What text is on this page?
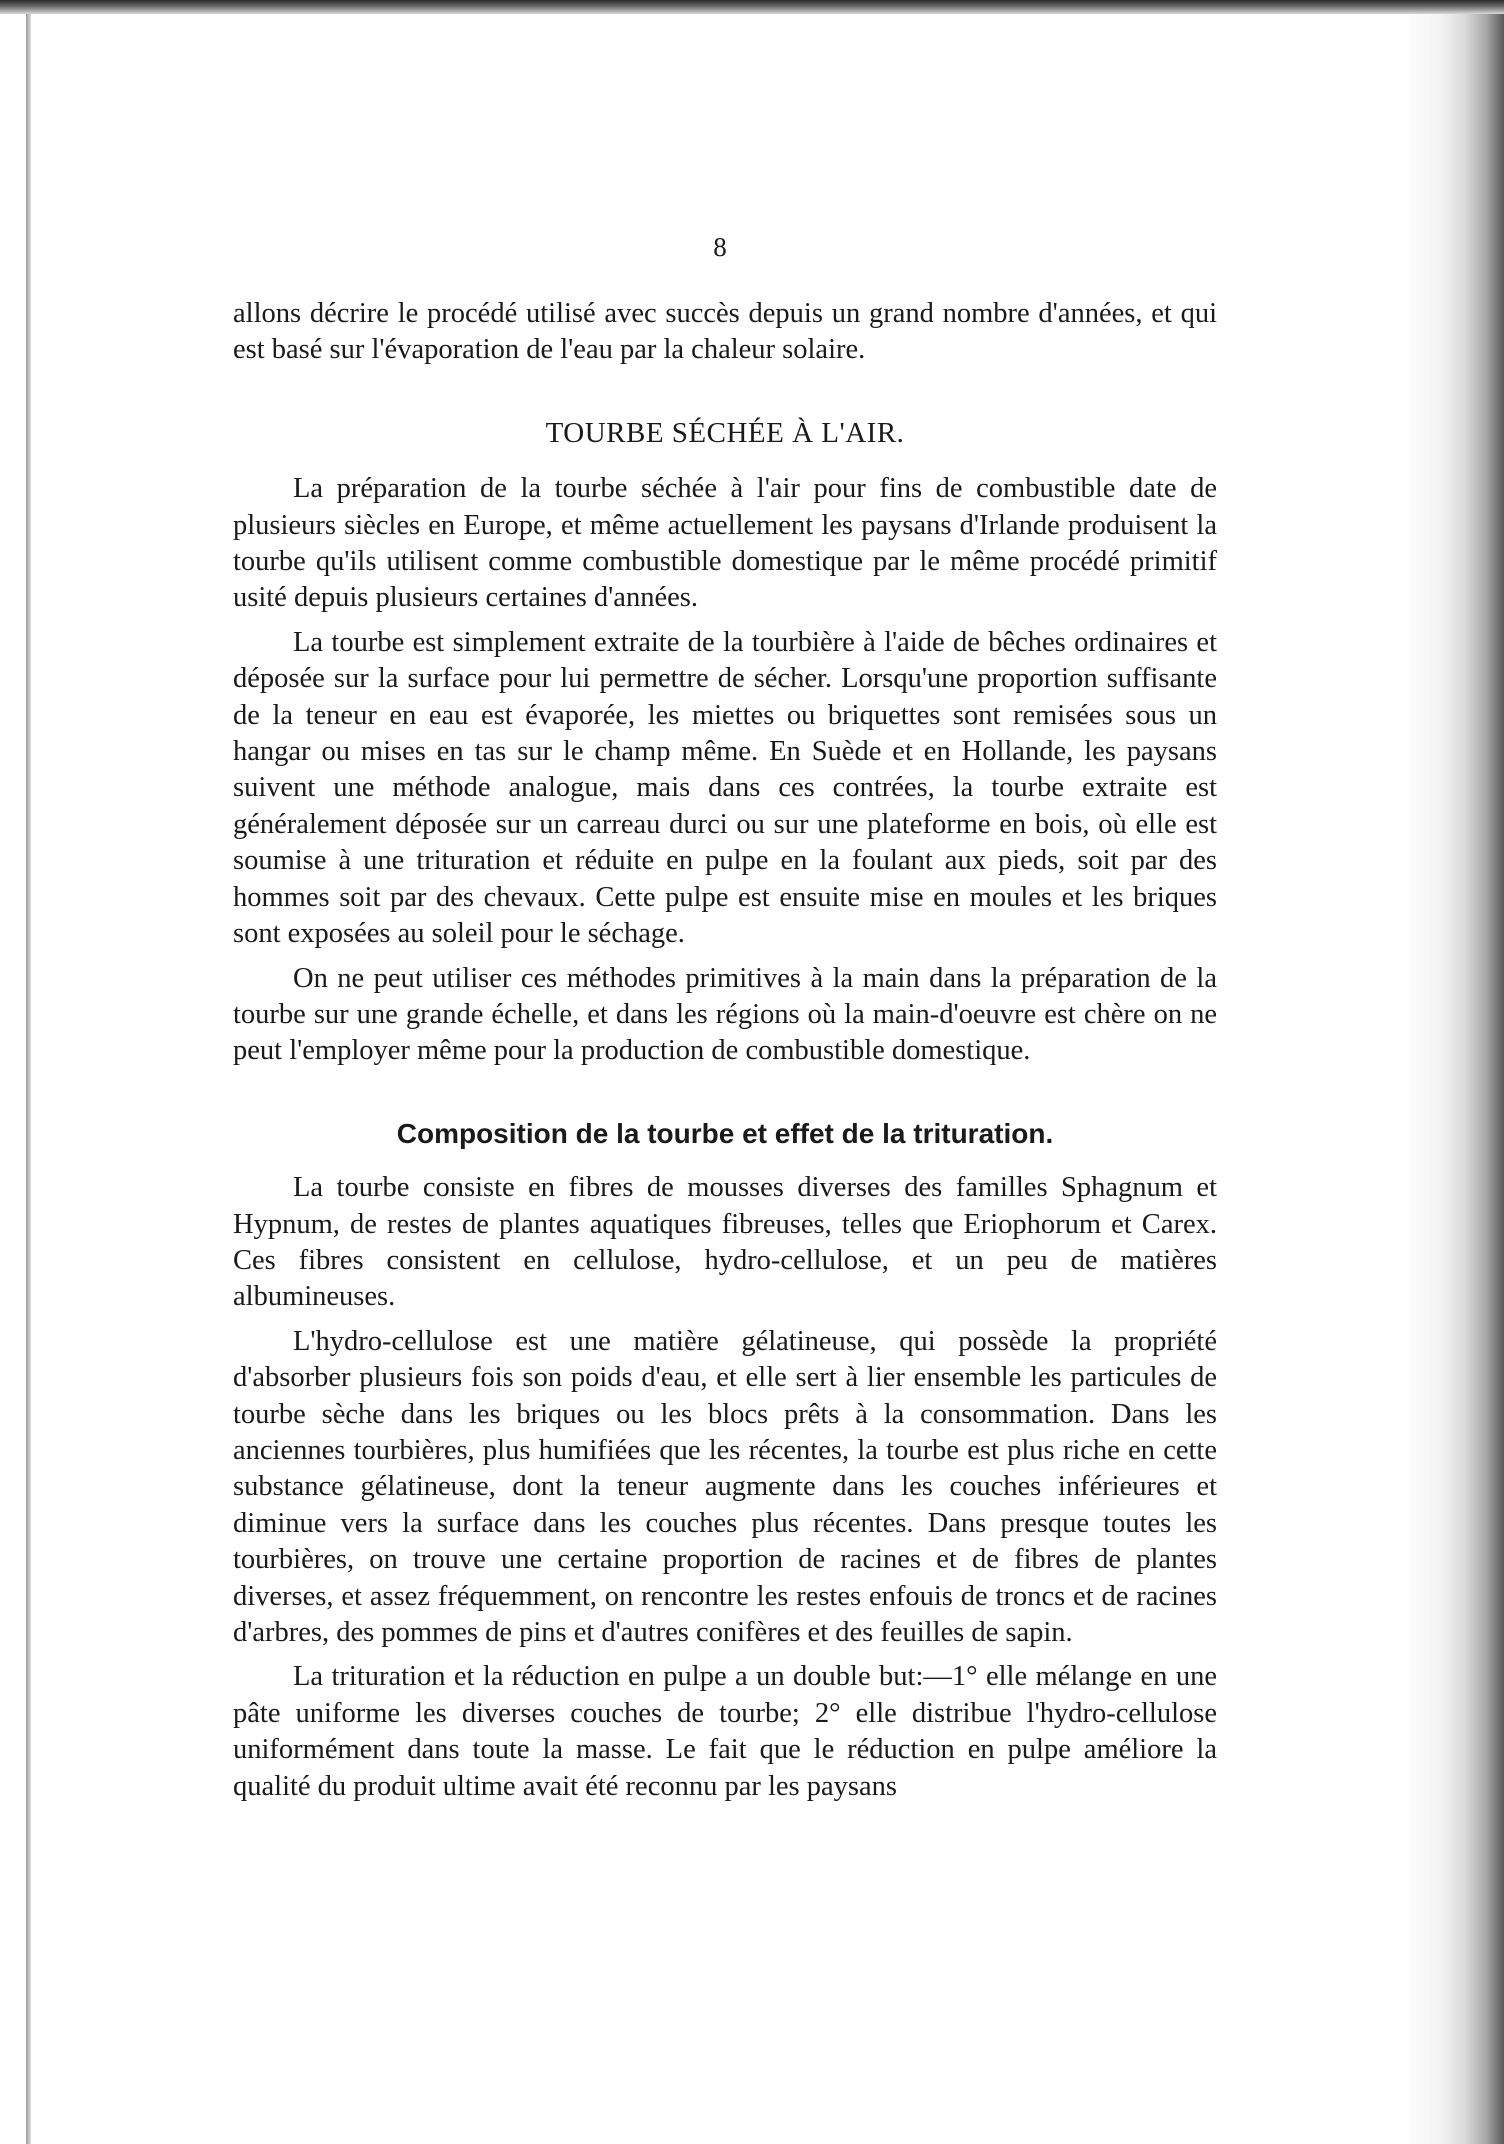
8

allons décrire le procédé utilisé avec succès depuis un grand nombre d'années, et qui est basé sur l'évaporation de l'eau par la chaleur solaire.

TOURBE SÉCHÉE À L'AIR.

La préparation de la tourbe séchée à l'air pour fins de combustible date de plusieurs siècles en Europe, et même actuellement les paysans d'Irlande produisent la tourbe qu'ils utilisent comme combustible domestique par le même procédé primitif usité depuis plusieurs certaines d'années.

La tourbe est simplement extraite de la tourbière à l'aide de bêches ordinaires et déposée sur la surface pour lui permettre de sécher. Lorsqu'une proportion suffisante de la teneur en eau est évaporée, les miettes ou briquettes sont remisées sous un hangar ou mises en tas sur le champ même. En Suède et en Hollande, les paysans suivent une méthode analogue, mais dans ces contrées, la tourbe extraite est généralement déposée sur un carreau durci ou sur une plateforme en bois, où elle est soumise à une trituration et réduite en pulpe en la foulant aux pieds, soit par des hommes soit par des chevaux. Cette pulpe est ensuite mise en moules et les briques sont exposées au soleil pour le séchage.

On ne peut utiliser ces méthodes primitives à la main dans la préparation de la tourbe sur une grande échelle, et dans les régions où la main-d'oeuvre est chère on ne peut l'employer même pour la production de combustible domestique.

Composition de la tourbe et effet de la trituration.

La tourbe consiste en fibres de mousses diverses des familles Sphagnum et Hypnum, de restes de plantes aquatiques fibreuses, telles que Eriophorum et Carex. Ces fibres consistent en cellulose, hydro-cellulose, et un peu de matières albumineuses.

L'hydro-cellulose est une matière gélatineuse, qui possède la propriété d'absorber plusieurs fois son poids d'eau, et elle sert à lier ensemble les particules de tourbe sèche dans les briques ou les blocs prêts à la consommation. Dans les anciennes tourbières, plus humifiées que les récentes, la tourbe est plus riche en cette substance gélatineuse, dont la teneur augmente dans les couches inférieures et diminue vers la surface dans les couches plus récentes. Dans presque toutes les tourbières, on trouve une certaine proportion de racines et de fibres de plantes diverses, et assez fréquemment, on rencontre les restes enfouis de troncs et de racines d'arbres, des pommes de pins et d'autres conifères et des feuilles de sapin.

La trituration et la réduction en pulpe a un double but:—1° elle mélange en une pâte uniforme les diverses couches de tourbe; 2° elle distribue l'hydro-cellulose uniformément dans toute la masse. Le fait que le réduction en pulpe améliore la qualité du produit ultime avait été reconnu par les paysans
